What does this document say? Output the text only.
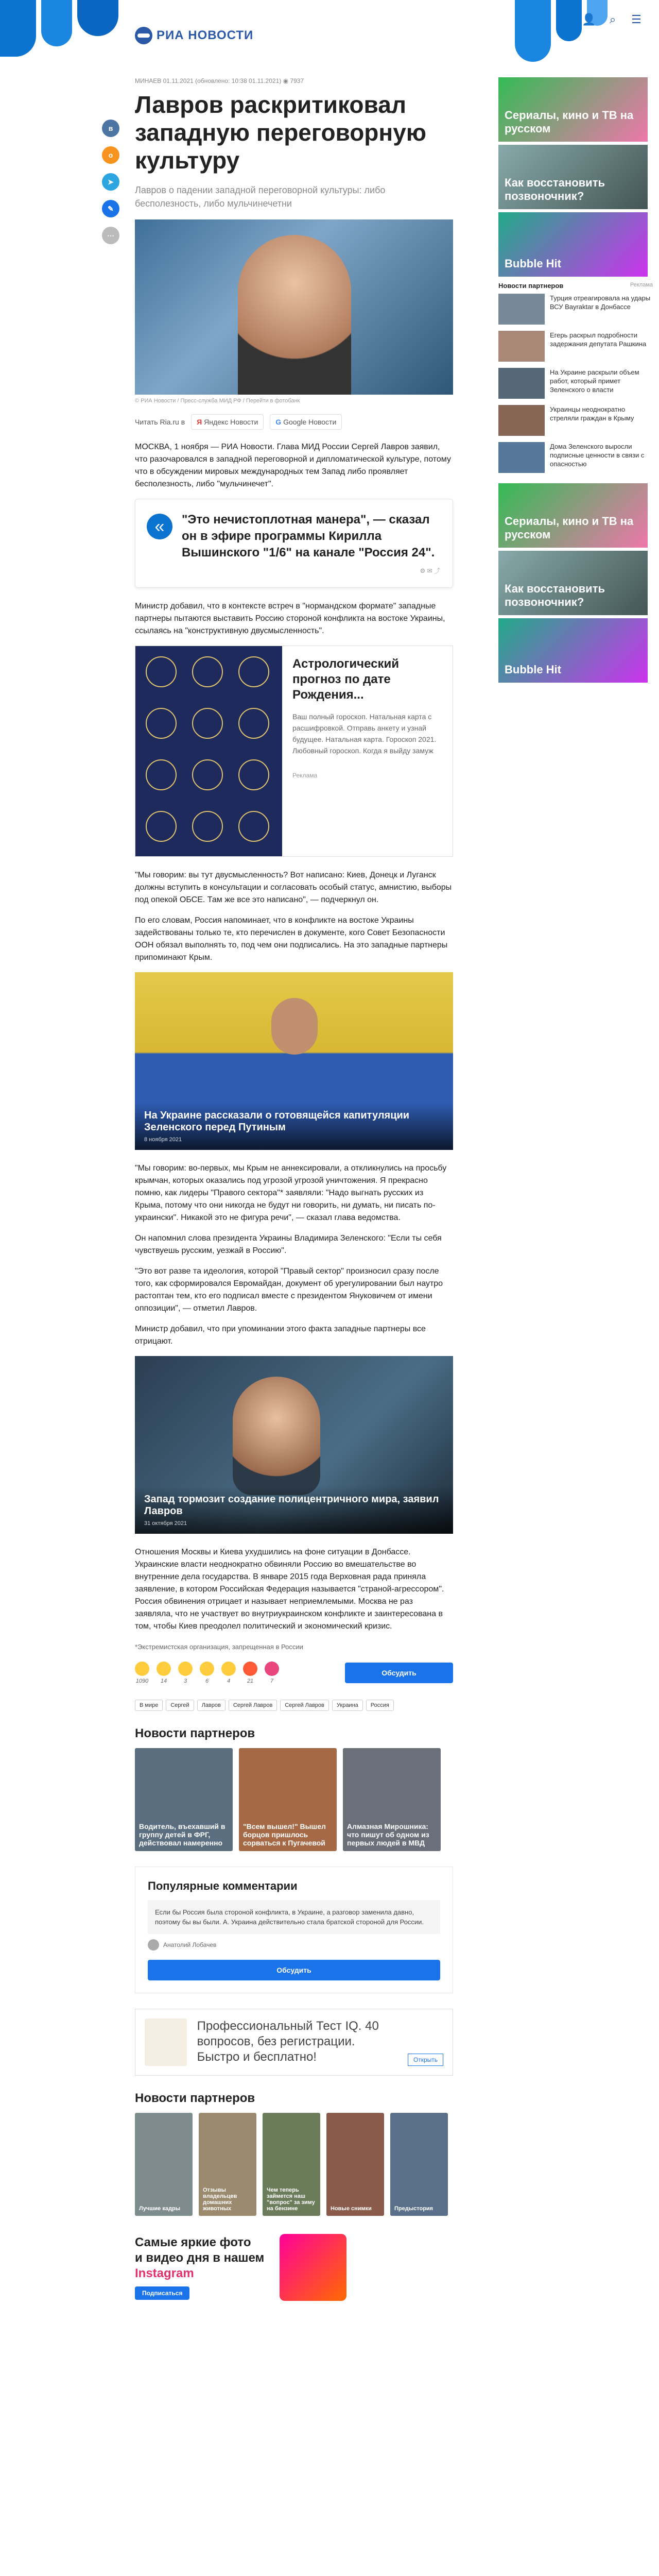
РИА НОВОСТИ
👤	⌕	☰
в
о
➤
✎
⋯
МИНАЕВ 01.11.2021 (обновлено: 10:38 01.11.2021) ◉ 7937
Лавров раскритиковал западную переговорную культуру
Лавров о падении западной переговорной культуры: либо бесполезность, либо мульчинечетни
© РИА Новости / Пресс-служба МИД РФ / Перейти в фотобанк
Читать Ria.ru в	Я Яндекс Новости	G Google Новости

МОСКВА, 1 ноября — РИА Новости. Глава МИД России Сергей Лавров заявил, что разочаровался в западной переговорной и дипломатической культуре, потому что в обсуждении мировых международных тем Запад либо проявляет бесполезность, либо "мульчинечет".

«	"Это нечистоплотная манера", — сказал он в эфире программы Кирилла Вышинского "1/6" на канале "Россия 24".
⚙ ✉ ⤴

Министр добавил, что в контексте встреч в "нормандском формате" западные партнеры пытаются выставить Россию стороной конфликта на востоке Украины, ссылаясь на "конструктивную двусмысленность".

Астрологический прогноз по дате Рождения...

Ваш полный гороскоп. Натальная карта с расшифровкой. Отправь анкету и узнай будущее. Натальная карта. Гороскоп 2021. Любовный гороскоп. Когда я выйду замуж

Реклама

"Мы говорим: вы тут двусмысленность? Вот написано: Киев, Донецк и Луганск должны вступить в консультации и согласовать особый статус, амнистию, выборы под опекой ОБСЕ. Там же все это написано", — подчеркнул он.

По его словам, Россия напоминает, что в конфликте на востоке Украины задействованы только те, кто перечислен в документе, кого Совет Безопасности ООН обязал выполнять то, под чем они подписались. На это западные партнеры припоминают Крым.

На Украине рассказали о готовящейся капитуляции Зеленского перед Путиным
8 ноября 2021

"Мы говорим: во-первых, мы Крым не аннексировали, а откликнулись на просьбу крымчан, которых оказались под угрозой угрозой уничтожения. Я прекрасно помню, как лидеры "Правого сектора"* заявляли: "Надо выгнать русских из Крыма, потому что они никогда не будут ни говорить, ни думать, ни писать по-украински". Никакой это не фигура речи", — сказал глава ведомства.

Он напомнил слова президента Украины Владимира Зеленского: "Если ты себя чувствуешь русским, уезжай в Россию".

"Это вот разве та идеология, которой "Правый сектор" произносил сразу после того, как сформировался Евромайдан, документ об урегулировании был наутро растоптан тем, кто его подписал вместе с президентом Януковичем от имени оппозиции", — отметил Лавров.

Министр добавил, что при упоминании этого факта западные партнеры все отрицают.

Запад тормозит создание полицентричного мира, заявил Лавров
31 октября 2021

Отношения Москвы и Киева ухудшились на фоне ситуации в Донбассе. Украинские власти неоднократно обвиняли Россию во вмешательстве во внутренние дела государства. В январе 2015 года Верховная рада приняла заявление, в котором Российская Федерация называется "страной-агрессором". Россия обвинения отрицает и называет неприемлемыми. Москва не раз заявляла, что не участвует во внутриукраинском конфликте и заинтересована в том, чтобы Киев преодолел политический и экономический кризис.

*Экстремистская организация, запрещенная в России

1090	14	3	6	4	21	7
Обсудить
В мире	Сергей	Лавров	Сергей Лавров	Сергей Лавров	Украина	Россия
Новости партнеров
Водитель, въехавший в группу детей в ФРГ, действовал намеренно
"Всем вышел!" Вышел борцов пришлось сорваться к Пугачевой
Алмазная Мирошника: что пишут об одном из первых людей в МВД
Популярные комментарии
Если бы Россия была стороной конфликта, в Украине, а разговор заменила давно, поэтому бы вы были. А. Украина действительно стала братской стороной для России.
Анатолий Лобачев
Обсудить
Профессиональный Тест IQ. 40 вопросов, без регистрации. Быстро и бесплатно!	Открыть
Новости партнеров
Лучшие кадры
Отзывы владельцев домашних животных
Чем теперь займется наш "вопрос" за зиму на бензине	Новые снимки	Предыстория
Самые яркие фото
и видео дня в нашем
Instagram
Подписаться
Сериалы, кино и ТВ на русском
Как восстановить позвоночник?
Bubble Hit
Новости партнеров	Реклама
Турция отреагировала на удары ВСУ Bayraktar в Донбассе
Егерь раскрыл подробности задержания депутата Рашкина
На Украине раскрыли объем работ, который примет Зеленского о власти
Украинцы неоднократно стреляли граждан в Крыму
Дома Зеленского выросли подписные ценности в связи с опасностью
Сериалы, кино и ТВ на русском
Как восстановить позвоночник?
Bubble Hit
